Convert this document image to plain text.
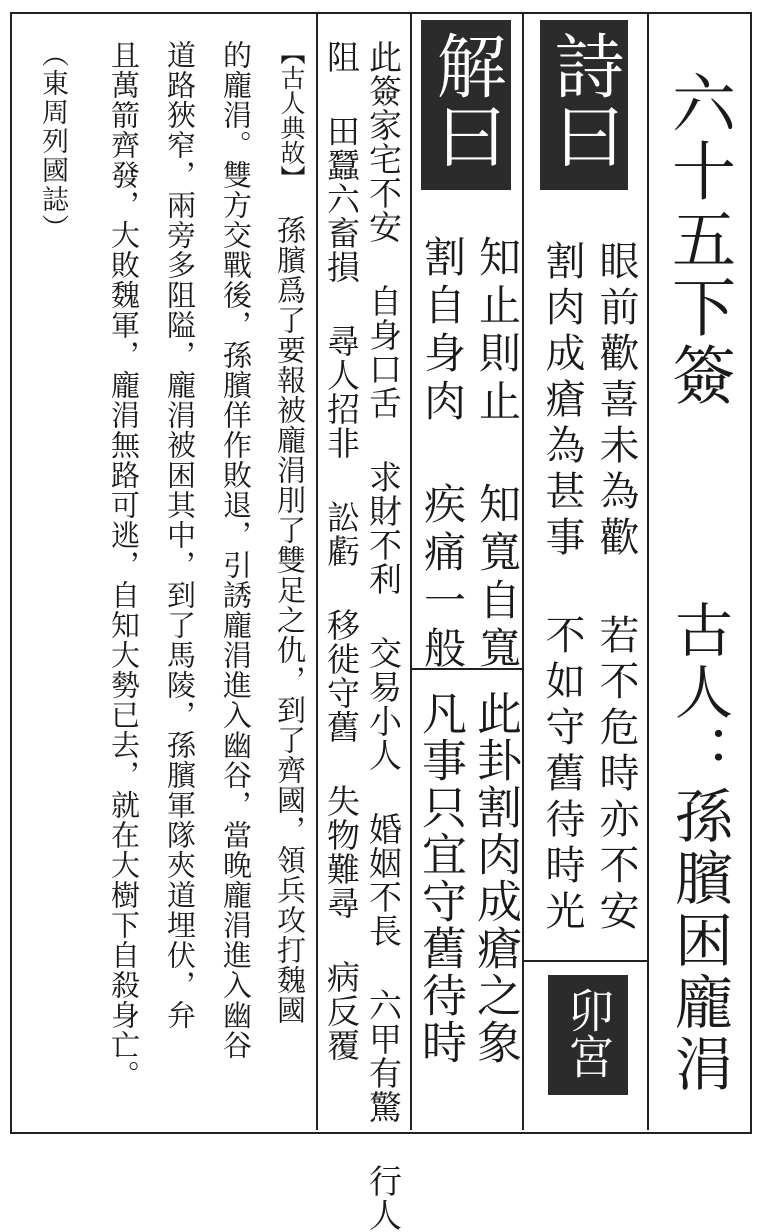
六十五下簽
古人：孫臏困龐涓
詩曰
眼前歡喜未為歡 若不危時亦不安
割肉成瘡為甚事 不如守舊待時光
卯宮
解曰
知止則止 知寬自寬
割自身肉 疾痛一般
此卦割肉成瘡之象
凡事只宜守舊待時
此簽家宅不安 自身口舌 求財不利 交易小人 婚姻不長 六甲有驚 行人
阻 田蠶六畜損 尋人招非 訟虧 移徙守舊 失物難尋 病反覆
【古人典故】
孫臏爲了要報被龐涓刖了雙足之仇，到了齊國，領兵攻打魏國
的龐涓。雙方交戰後，孫臏佯作敗退，引誘龐涓進入幽谷，當晚龐涓進入幽谷
道路狹窄，兩旁多阻隘，龐涓被困其中，到了馬陵，孫臏軍隊夾道埋伏，弁
且萬箭齊發，大敗魏軍，龐涓無路可逃，自知大勢已去，就在大樹下自殺身亡。
（東周列國誌）
